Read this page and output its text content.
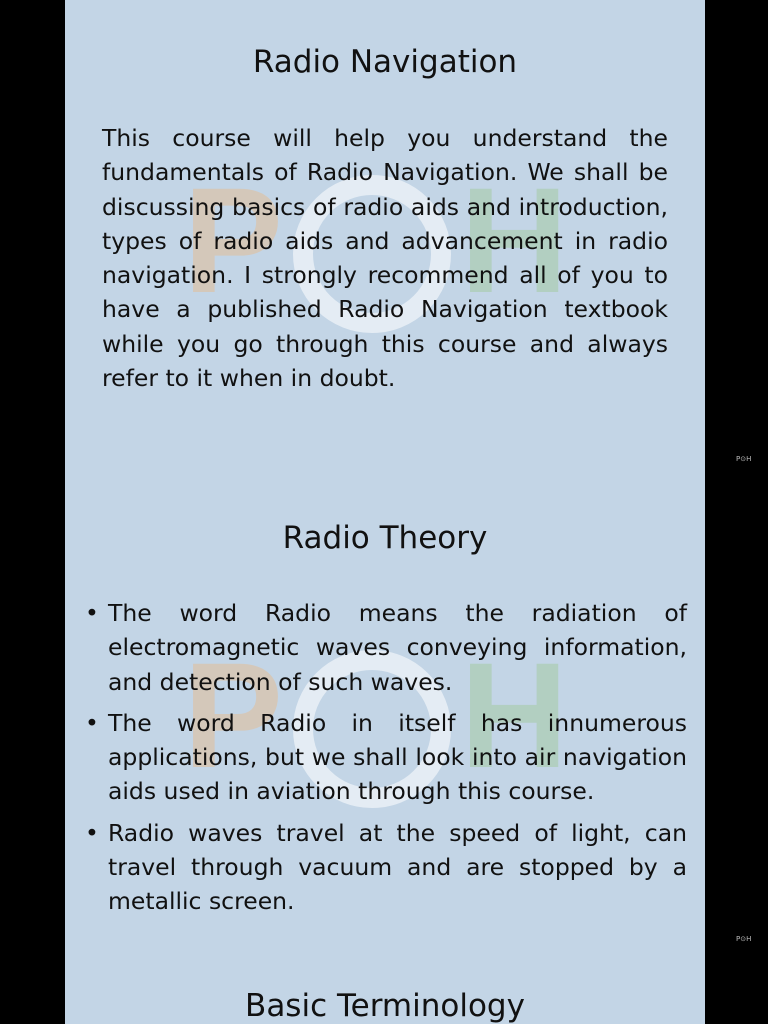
P H
P H
Radio Navigation

This course will help you understand the fundamentals of Radio Navigation. We shall be discussing basics of radio aids and introduction, types of radio aids and advancement in radio navigation. I strongly recommend all of you to have a published Radio Navigation textbook while you go through this course and always refer to it when in doubt.

Radio Theory
• The word Radio means the radiation of electromagnetic waves conveying information, and detection of such waves.
• The word Radio in itself has innumerous applications, but we shall look into air navigation aids used in aviation through this course.
• Radio waves travel at the speed of light, can travel through vacuum and are stopped by a metallic screen.
Basic Terminology
P⊙H
P⊙H
